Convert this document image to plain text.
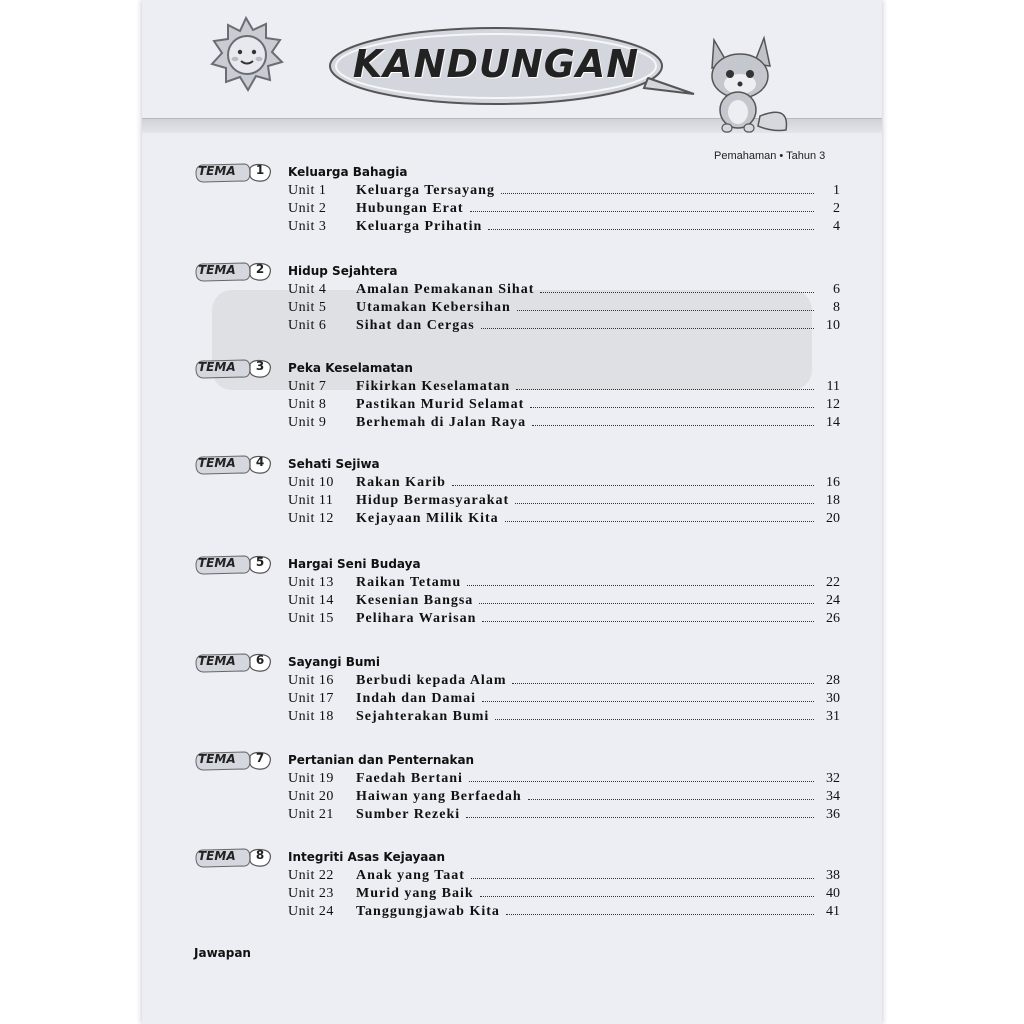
KANDUNGAN
Pemahaman • Tahun 3
TEMA	1	Keluarga Bahagia
Unit 1	Keluarga Tersayang	1
Unit 2	Hubungan Erat	2
Unit 3	Keluarga Prihatin	4
TEMA	2	Hidup Sejahtera
Unit 4	Amalan Pemakanan Sihat	6
Unit 5	Utamakan Kebersihan	8
Unit 6	Sihat dan Cergas	10
TEMA	3	Peka Keselamatan
Unit 7	Fikirkan Keselamatan	11
Unit 8	Pastikan Murid Selamat	12
Unit 9	Berhemah di Jalan Raya	14
TEMA	4	Sehati Sejiwa
Unit 10	Rakan Karib	16
Unit 11	Hidup Bermasyarakat	18
Unit 12	Kejayaan Milik Kita	20
TEMA	5	Hargai Seni Budaya
Unit 13	Raikan Tetamu	22
Unit 14	Kesenian Bangsa	24
Unit 15	Pelihara Warisan	26
TEMA	6	Sayangi Bumi
Unit 16	Berbudi kepada Alam	28
Unit 17	Indah dan Damai	30
Unit 18	Sejahterakan Bumi	31
TEMA	7	Pertanian dan Penternakan
Unit 19	Faedah Bertani	32
Unit 20	Haiwan yang Berfaedah	34
Unit 21	Sumber Rezeki	36
TEMA	8	Integriti Asas Kejayaan
Unit 22	Anak yang Taat	38
Unit 23	Murid yang Baik	40
Unit 24	Tanggungjawab Kita	41
Jawapan
